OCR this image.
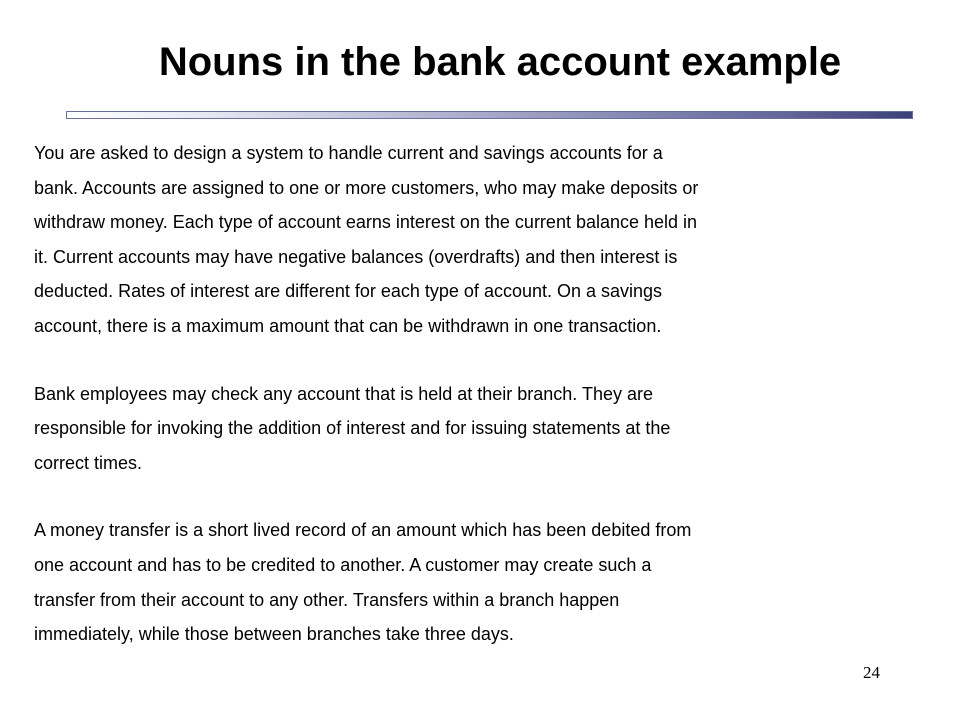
Nouns in the bank account example
You are asked to design a system to handle current and savings accounts for a
bank. Accounts are assigned to one or more customers, who may make deposits or
withdraw money. Each type of account earns interest on the current balance held in
it. Current accounts may have negative balances (overdrafts) and then interest is
deducted. Rates of interest are different for each type of account. On a savings
account, there is a maximum amount that can be withdrawn in one transaction.
Bank employees may check any account that is held at their branch. They are
responsible for invoking the addition of interest and for issuing statements at the
correct times.
A money transfer is a short lived record of an amount which has been debited from
one account and has to be credited to another. A customer may create such a
transfer from their account to any other. Transfers within a branch happen
immediately, while those between branches take three days.
24
